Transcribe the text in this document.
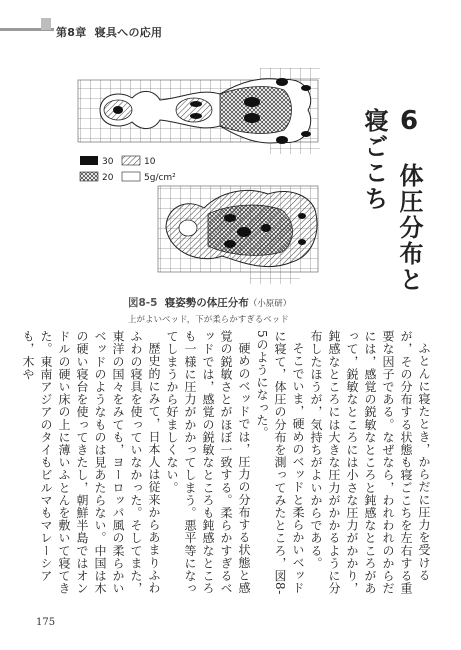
第8章 寝具への応用
30	10
20	5g/cm²
図8-5 寝姿勢の体圧分布（小原研）
上がよいベッド，下が柔らかすぎるベッド
6 体圧分布と寝ごこち

ふとんに寝たとき，からだに圧力を受けるが，その分布する状態も寝ごこちを左右する重要な因子である。なぜなら，われわれのからだには，感覚の鋭敏なところと鈍感なところがあって，鋭敏なところには小さな圧力がかかり，鈍感なところには大きな圧力がかかるように分布したほうが，気持ちがよいからである。

そこでいま，硬めのベッドと柔らかいベッドに寝て，体圧の分布を測ってみたところ，図8-5のようになった。

硬めのベッドでは，圧力の分布する状態と感覚の鋭敏さとがほぼ一致する。柔らかすぎるベッドでは，感覚の鋭敏なところも鈍感なところも一様に圧力がかかってしまう。悪平等になってしまうから好ましくない。

歴史的にみて，日本人は従来からあまりふわふわの寝具を使っていなかった。そしてまた，東洋の国々をみても，ヨーロッパ風の柔らかいベッドのようなものは見あたらない。中国は木の硬い寝台を使ってきたし，朝鮮半島ではオンドルの硬い床の上に薄いふとんを敷いて寝てきた。東南アジアのタイもビルマもマレーシアも，木や

175
